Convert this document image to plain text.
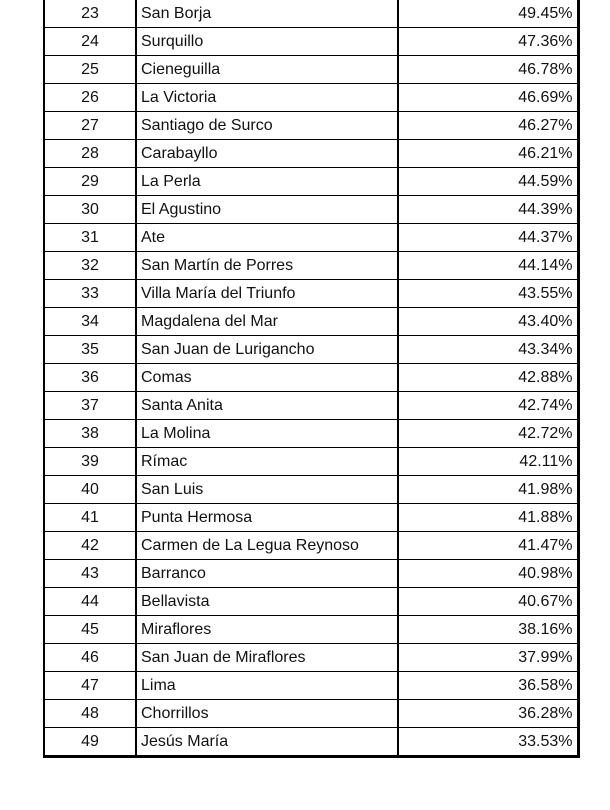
23	San Borja	49.45%
24	Surquillo	47.36%
25	Cieneguilla	46.78%
26	La Victoria	46.69%
27	Santiago de Surco	46.27%
28	Carabayllo	46.21%
29	La Perla	44.59%
30	El Agustino	44.39%
31	Ate	44.37%
32	San Martín de Porres	44.14%
33	Villa María del Triunfo	43.55%
34	Magdalena del Mar	43.40%
35	San Juan de Lurigancho	43.34%
36	Comas	42.88%
37	Santa Anita	42.74%
38	La Molina	42.72%
39	Rímac	42.11%
40	San Luis	41.98%
41	Punta Hermosa	41.88%
42	Carmen de La Legua Reynoso	41.47%
43	Barranco	40.98%
44	Bellavista	40.67%
45	Miraflores	38.16%
46	San Juan de Miraflores	37.99%
47	Lima	36.58%
48	Chorrillos	36.28%
49	Jesús María	33.53%
